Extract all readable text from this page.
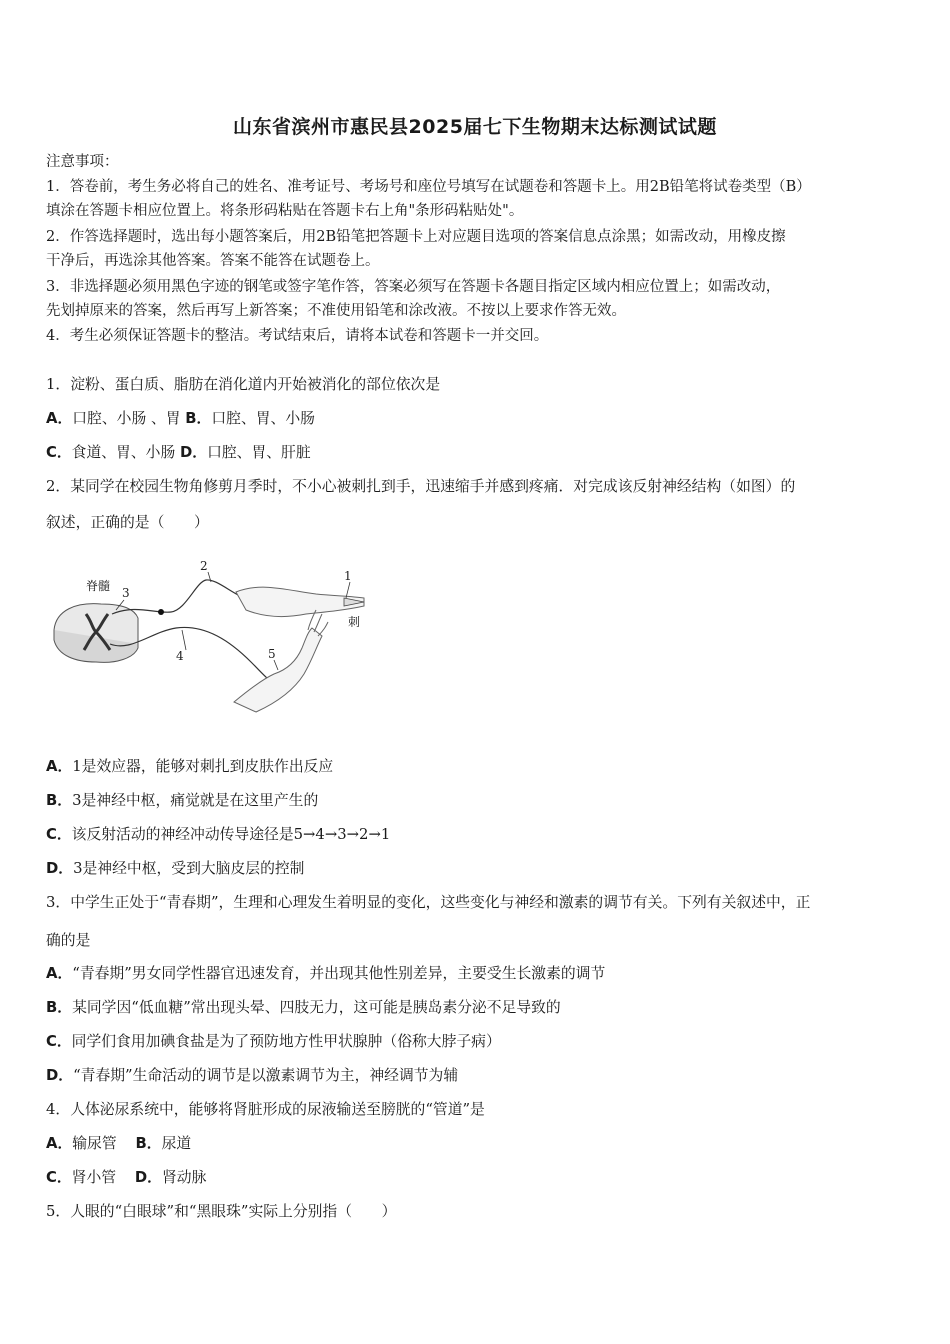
山东省滨州市惠民县2025届七下生物期末达标测试试题
注意事项：
1．答卷前，考生务必将自己的姓名、准考证号、考场号和座位号填写在试题卷和答题卡上。用2B铅笔将试卷类型（B）
填涂在答题卡相应位置上。将条形码粘贴在答题卡右上角"条形码粘贴处"。
2．作答选择题时，选出每小题答案后，用2B铅笔把答题卡上对应题目选项的答案信息点涂黑；如需改动，用橡皮擦
干净后，再选涂其他答案。答案不能答在试题卷上。
3．非选择题必须用黑色字迹的钢笔或签字笔作答，答案必须写在答题卡各题目指定区域内相应位置上；如需改动，
先划掉原来的答案，然后再写上新答案；不准使用铅笔和涂改液。不按以上要求作答无效。
4．考生必须保证答题卡的整洁。考试结束后，请将本试卷和答题卡一并交回。
1．淀粉、蛋白质、脂肪在消化道内开始被消化的部位依次是
A．口腔、小肠 、胃 B．口腔、胃、小肠
C．食道、胃、小肠 D．口腔、胃、肝脏
2．某同学在校园生物角修剪月季时，不小心被刺扎到手，迅速缩手并感到疼痛．对完成该反射神经结构（如图）的
叙述，正确的是（　　）
脊髓 3
2
1
刺
4	5
A．1是效应器，能够对刺扎到皮肤作出反应
B．3是神经中枢，痛觉就是在这里产生的
C．该反射活动的神经冲动传导途径是5→4→3→2→1
D．3是神经中枢，受到大脑皮层的控制
3．中学生正处于“青春期”，生理和心理发生着明显的变化，这些变化与神经和激素的调节有关。下列有关叙述中，正
确的是
A．“青春期”男女同学性器官迅速发育，并出现其他性别差异，主要受生长激素的调节
B．某同学因“低血糖”常出现头晕、四肢无力，这可能是胰岛素分泌不足导致的
C．同学们食用加碘食盐是为了预防地方性甲状腺肿（俗称大脖子病）
D．“青春期”生命活动的调节是以激素调节为主，神经调节为辅
4．人体泌尿系统中，能够将肾脏形成的尿液输送至膀胱的“管道”是
A．输尿管 B．尿道
C．肾小管 D．肾动脉
5．人眼的“白眼球”和“黑眼珠”实际上分别指（　　）
